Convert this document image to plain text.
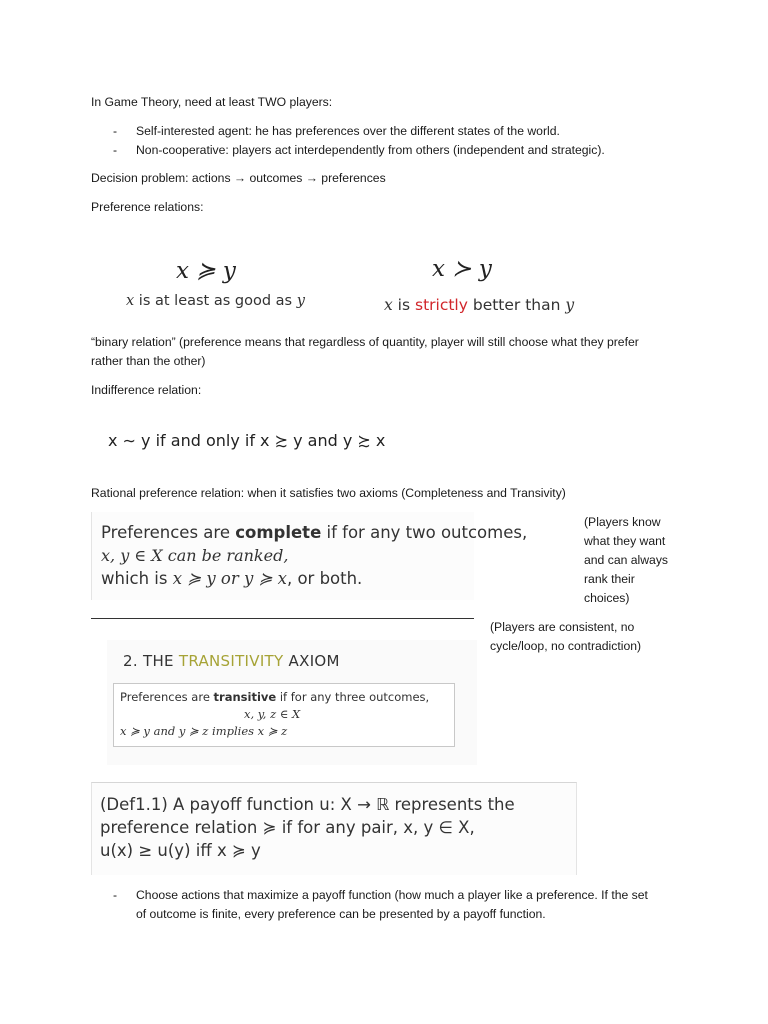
In Game Theory, need at least TWO players:
- Self-interested agent: he has preferences over the different states of the world.
- Non-cooperative: players act interdependently from others (independent and strategic).
Decision problem: actions → outcomes → preferences
Preference relations:
x ≽ y
x is at least as good as y
x ≻ y
x is strictly better than y
“binary relation” (preference means that regardless of quantity, player will still choose what they prefer
rather than the other)
Indifference relation:
x ∼ y if and only if x ≿ y and y ≿ x
Rational preference relation: when it satisfies two axioms (Completeness and Transivity)
Preferences are complete if for any two outcomes,
x, y ∈ X can be ranked,
which is x ≽ y or y ≽ x, or both.
(Players know
what they want
and can always
rank their
choices)
(Players are consistent, no
cycle/loop, no contradiction)
2. THE TRANSITIVITY AXIOM
Preferences are transitive if for any three outcomes,
x, y, z ∈ X
x ≽ y and y ≽ z implies x ≽ z
(Def1.1) A payoff function u: X → ℝ represents the
preference relation ≽ if for any pair, x, y ∈ X,
u(x) ≥ u(y) iff x ≽ y
- Choose actions that maximize a payoff function (how much a player like a preference. If the set
of outcome is finite, every preference can be presented by a payoff function.
